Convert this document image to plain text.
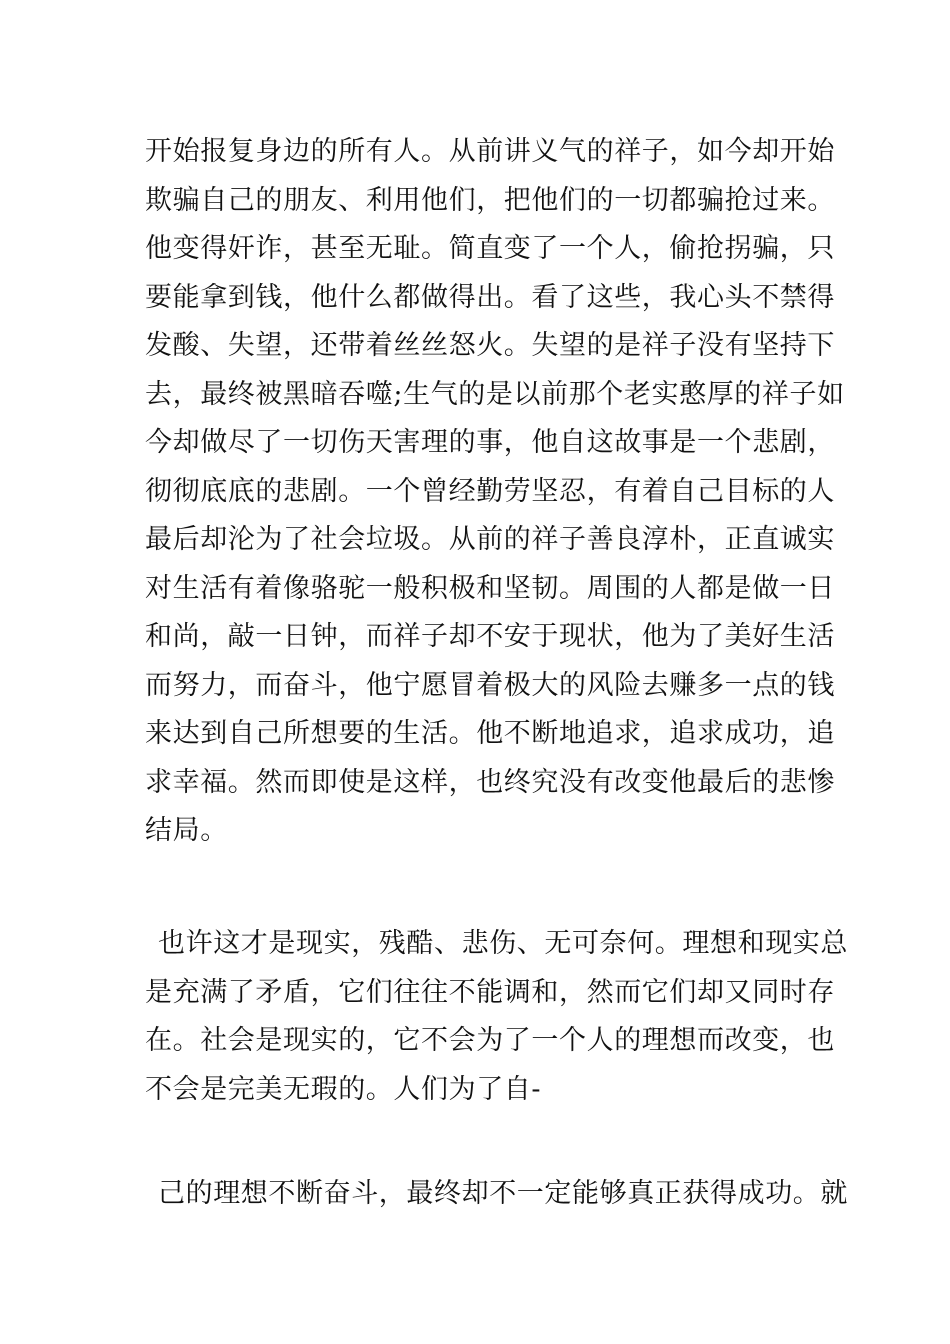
开始报复身边的所有人。从前讲义气的祥子，如今却开始
欺骗自己的朋友、利用他们，把他们的一切都骗抢过来。
他变得奸诈，甚至无耻。简直变了一个人，偷抢拐骗，只
要能拿到钱，他什么都做得出。看了这些，我心头不禁得
发酸、失望，还带着丝丝怒火。失望的是祥子没有坚持下
去，最终被黑暗吞噬;生气的是以前那个老实憨厚的祥子如
今却做尽了一切伤天害理的事，他自这故事是一个悲剧，
彻彻底底的悲剧。一个曾经勤劳坚忍，有着自己目标的人
最后却沦为了社会垃圾。从前的祥子善良淳朴，正直诚实
对生活有着像骆驼一般积极和坚韧。周围的人都是做一日
和尚，敲一日钟，而祥子却不安于现状，他为了美好生活
而努力，而奋斗，他宁愿冒着极大的风险去赚多一点的钱
来达到自己所想要的生活。他不断地追求，追求成功，追
求幸福。然而即使是这样，也终究没有改变他最后的悲惨
结局。
也许这才是现实，残酷、悲伤、无可奈何。理想和现实总
是充满了矛盾，它们往往不能调和，然而它们却又同时存
在。社会是现实的，它不会为了一个人的理想而改变，也
不会是完美无瑕的。人们为了自-
己的理想不断奋斗，最终却不一定能够真正获得成功。就
